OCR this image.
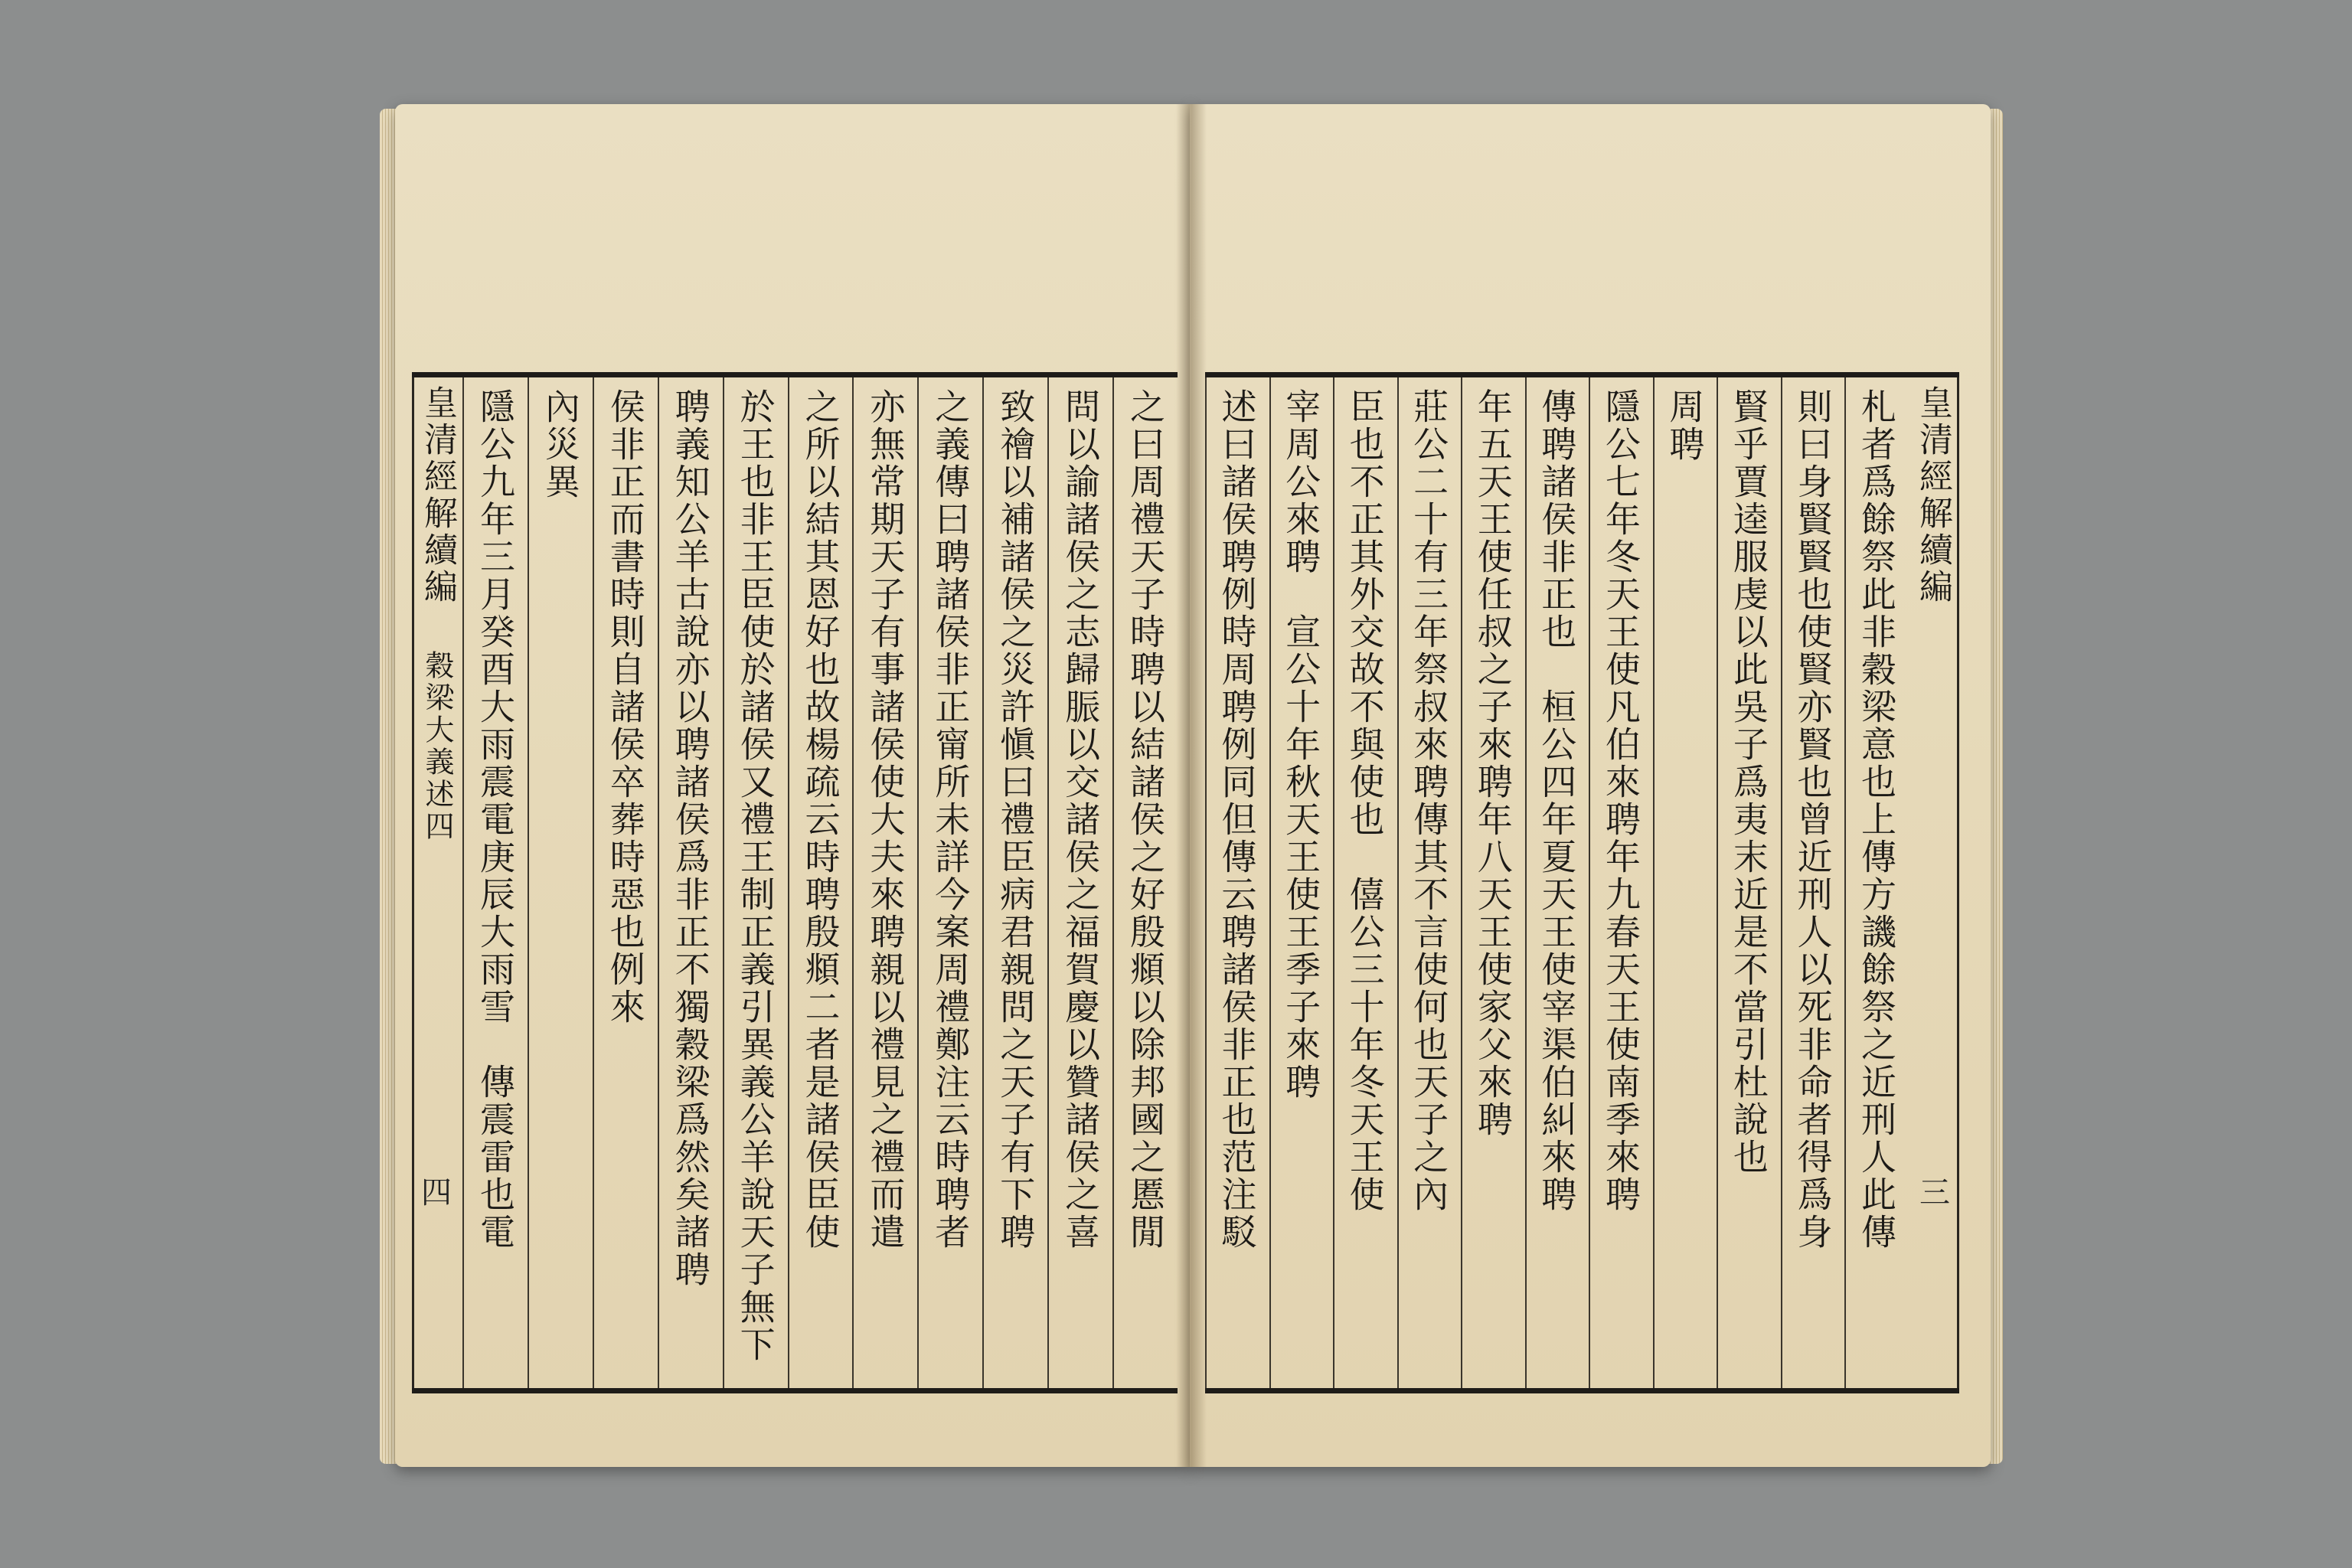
皇清經解續編 穀梁大義述四
四	之曰周禮天子時聘以結諸侯之好殷頫以除邦國之慝閒
問以諭諸侯之志歸脤以交諸侯之福賀慶以贊諸侯之喜
致禬以補諸侯之災許愼曰禮臣病君親問之天子有下聘
之義傳曰聘諸侯非正甯所未詳今案周禮鄭注云時聘者
亦無常期天子有事諸侯使大夫來聘親以禮見之禮而遣
之所以結其恩好也故楊疏云時聘殷頫二者是諸侯臣使
於王也非王臣使於諸侯又禮王制正義引異義公羊說天子無下
聘義知公羊古說亦以聘諸侯爲非正不獨穀梁爲然矣諸聘
侯非正而書時則自諸侯卒葬時惡也例來
內災異
隱公九年三月癸酉大雨震電庚辰大雨雪　傳震雷也電	札者爲餘祭此非穀梁意也上傳方譏餘祭之近刑人此傳
則曰身賢賢也使賢亦賢也曾近刑人以死非命者得爲身
賢乎賈逵服虔以此吳子爲夷末近是不當引杜說也
周聘
隱公七年冬天王使凡伯來聘年九春天王使南季來聘
傳聘諸侯非正也　桓公四年夏天王使宰渠伯糾來聘
年五天王使任叔之子來聘年八天王使家父來聘
莊公二十有三年祭叔來聘傳其不言使何也天子之內
臣也不正其外交故不與使也　僖公三十年冬天王使
宰周公來聘　宣公十年秋天王使王季子來聘
述曰諸侯聘例時周聘例同但傳云聘諸侯非正也范注駁	皇清經解續編
三
